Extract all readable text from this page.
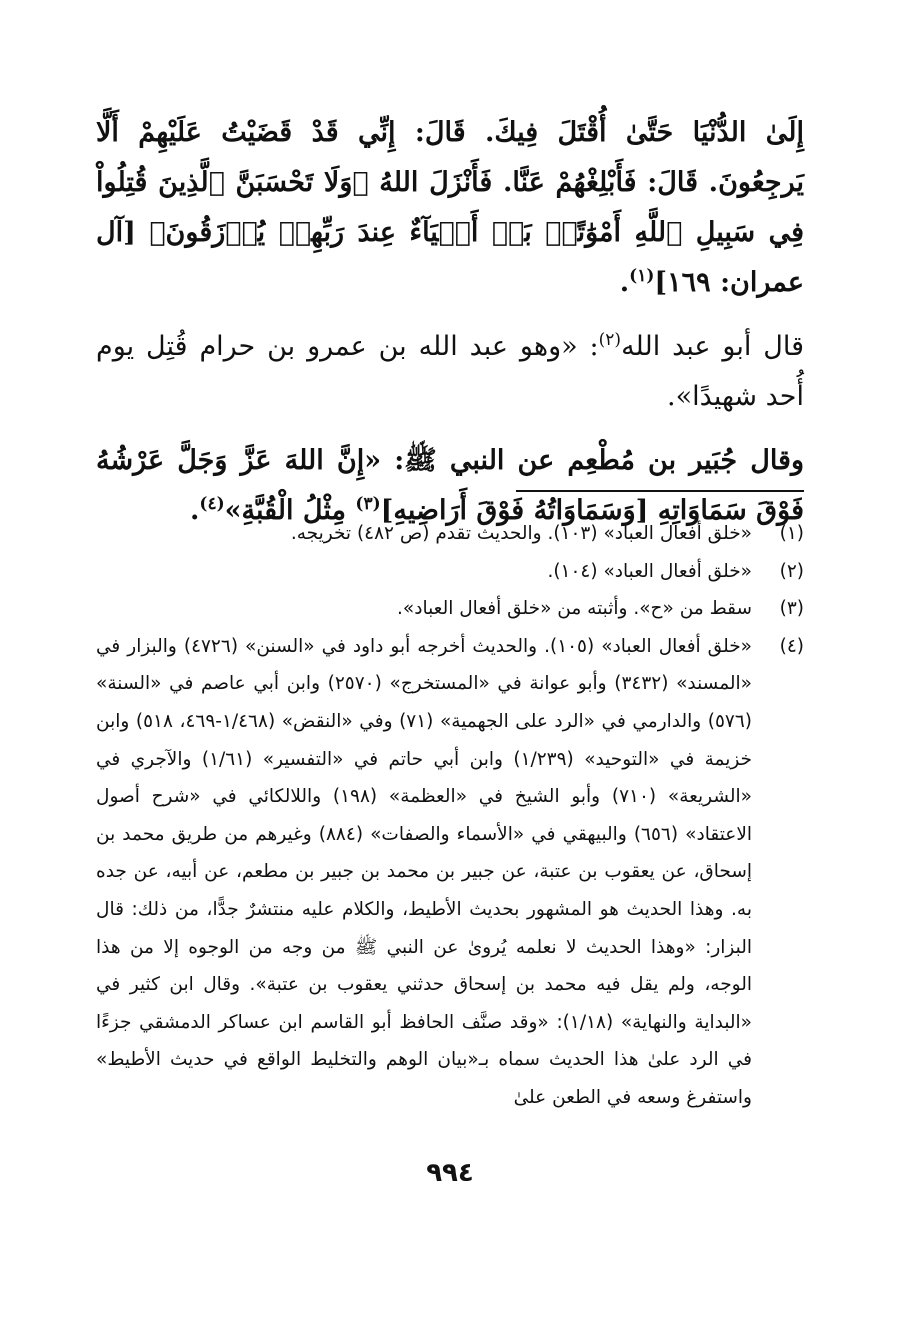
إِلَىٰ الدُّنْيَا حَتَّىٰ أُقْتَلَ فِيكَ. قَالَ: إِنِّي قَدْ قَضَيْتُ عَلَيْهِمْ أَلَّا يَرجِعُونَ. قَالَ: فَأَبْلِغْهُمْ عَنَّا. فَأَنْزَلَ اللهُ ﴿وَلَا تَحْسَبَنَّ ٱلَّذِينَ قُتِلُواْ فِي سَبِيلِ ٱللَّهِ أَمْوَٰتًاۢ بَلۡ أَحۡيَآءٌ عِندَ رَبِّهِمۡ يُرۡزَقُونَ﴾ [آل عمران: ١٦٩]$^{(١)}$.

قال أبو عبد الله$^{(٢)}$: «وهو عبد الله بن عمرو بن حرام قُتِل يوم أُحد شهيدًا».

وقال جُبَير بن مُطْعِم عن النبي ﷺ: «إِنَّ اللهَ عَزَّ وَجَلَّ عَرْشُهُ فَوْقَ سَمَاوَاتِهِ [وَسَمَاوَاتُهُ فَوْقَ أَرَاضِيهِ]$^{(٣)}$ مِثْلُ الْقُبَّةِ»$^{(٤)}$.

(١)
«خلق أفعال العباد» (١٠٣). والحديث تقدم (ص ٤٨٢) تخريجه.
(٢)
«خلق أفعال العباد» (١٠٤).
(٣)
سقط من «ح». وأثبته من «خلق أفعال العباد».
(٤)
«خلق أفعال العباد» (١٠٥). والحديث أخرجه أبو داود في «السنن» (٤٧٢٦) والبزار في «المسند» (٣٤٣٢) وأبو عوانة في «المستخرج» (٢٥٧٠) وابن أبي عاصم في «السنة» (٥٧٦) والدارمي في «الرد على الجهمية» (٧١) وفي «النقض» (١/٤٦٨-٤٦٩، ٥١٨) وابن خزيمة في «التوحيد» (١/٢٣٩) وابن أبي حاتم في «التفسير» (١/٦١) والآجري في «الشريعة» (٧١٠) وأبو الشيخ في «العظمة» (١٩٨) واللالكائي في «شرح أصول الاعتقاد» (٦٥٦) والبيهقي في «الأسماء والصفات» (٨٨٤) وغيرهم من طريق محمد بن إسحاق، عن يعقوب بن عتبة، عن جبير بن محمد بن جبير بن مطعم، عن أبيه، عن جده به. وهذا الحديث هو المشهور بحديث الأطيط، والكلام عليه منتشرٌ جدًّا، من ذلك: قال البزار: «وهذا الحديث لا نعلمه يُروىٰ عن النبي ﷺ من وجه من الوجوه إلا من هذا الوجه، ولم يقل فيه محمد بن إسحاق حدثني يعقوب بن عتبة». وقال ابن كثير في «البداية والنهاية» (١/١٨): «وقد صنَّف الحافظ أبو القاسم ابن عساكر الدمشقي جزءًا في الرد علىٰ هذا الحديث سماه بـ«بيان الوهم والتخليط الواقع في حديث الأطيط» واستفرغ وسعه في الطعن علىٰ
٩٩٤
